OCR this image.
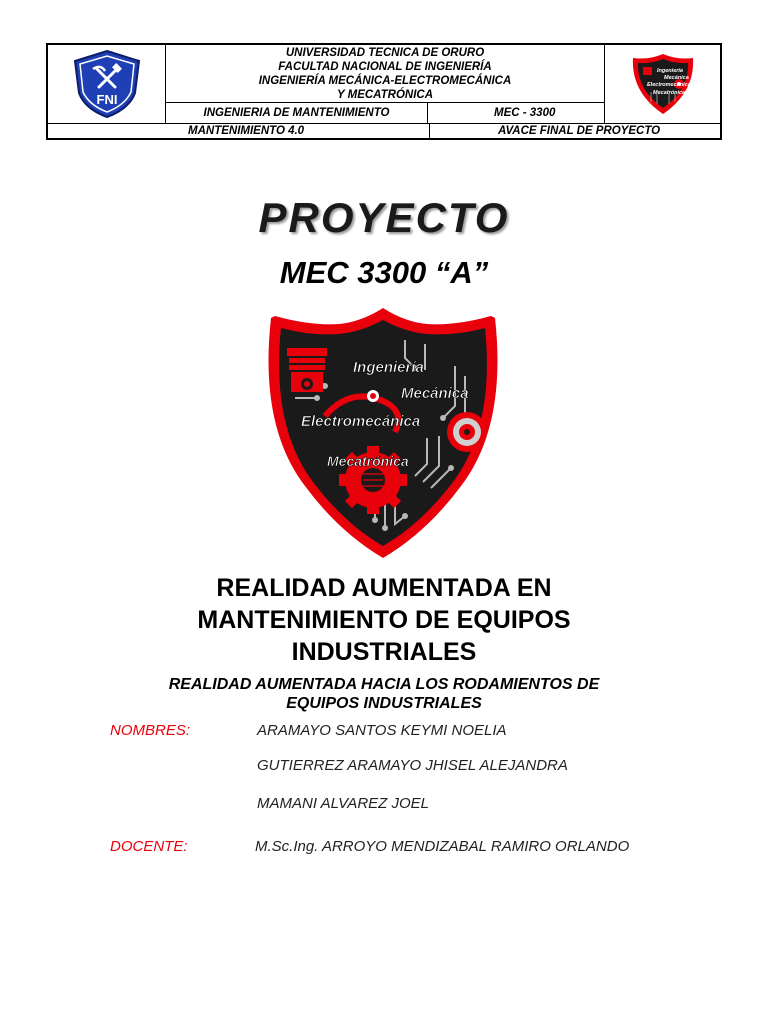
FNI
UNIVERSIDAD TECNICA DE ORURO
FACULTAD NACIONAL DE INGENIERÍA
INGENIERÍA MECÁNICA-ELECTROMECÁNICA
Y MECATRÓNICA
Ingeniería
Mecánica
Electromecánica
Mecatrónica
INGENIERIA DE MANTENIMIENTO	MEC - 3300
MANTENIMIENTO 4.0	AVACE FINAL DE PROYECTO
PROYECTO
MEC 3300 “A”
Ingeniería
Mecánica
Electromecánica
Mecatrónica
REALIDAD AUMENTADA EN
MANTENIMIENTO DE EQUIPOS
INDUSTRIALES
REALIDAD AUMENTADA HACIA LOS RODAMIENTOS DE
EQUIPOS INDUSTRIALES
NOMBRES:	ARAMAYO SANTOS KEYMI NOELIA
GUTIERREZ ARAMAYO JHISEL ALEJANDRA
MAMANI ALVAREZ JOEL
DOCENTE:	M.Sc.Ing. ARROYO MENDIZABAL RAMIRO ORLANDO
